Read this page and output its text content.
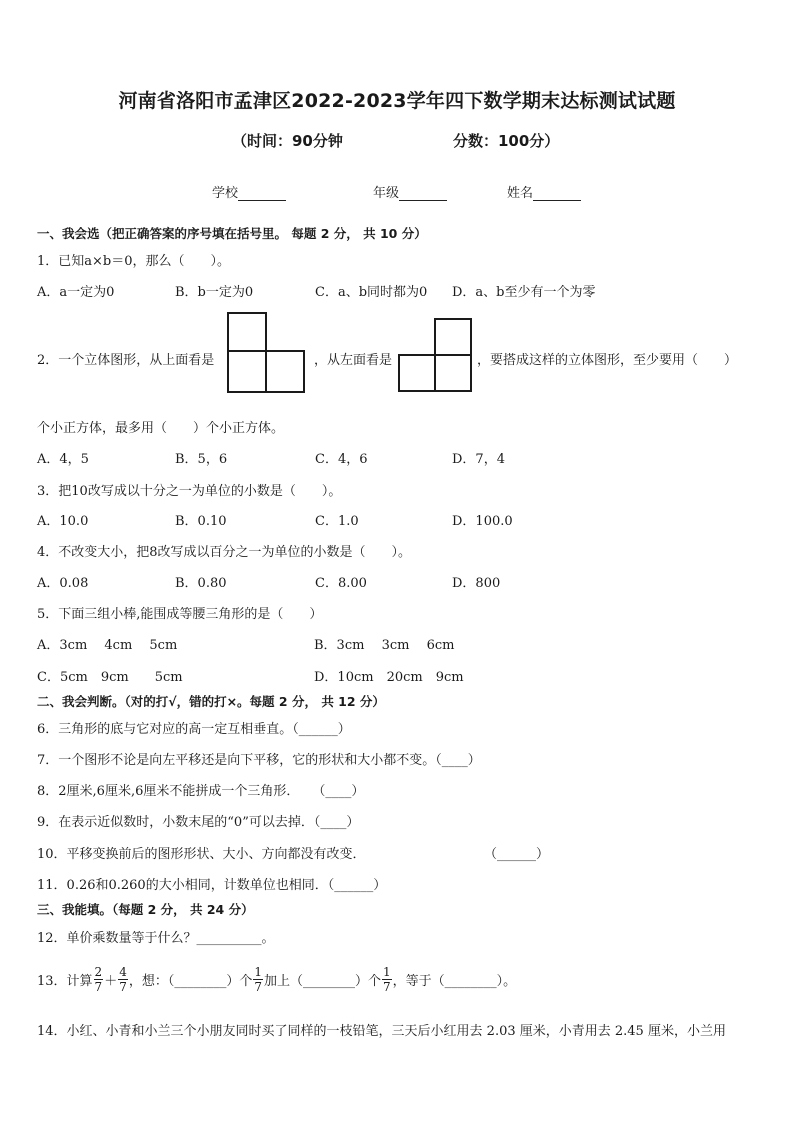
河南省洛阳市孟津区2022-2023学年四下数学期末达标测试试题
（时间：90分钟	分数：100分）
学校	年级	姓名
一、我会选（把正确答案的序号填在括号里。 每题 2 分， 共 10 分）
1．已知a×b＝0，那么（　　）。
A．a一定为0	B．b一定为0	C．a、b同时都为0 D．a、b至少有一个为零
2．一个立体图形，从上面看是	，从左面看是	，要搭成这样的立体图形，至少要用（　　）
个小正方体，最多用（　　）个小正方体。
A．4，5	B．5，6	C．4，6	D．7，4
3．把10改写成以十分之一为单位的小数是（　　）。
A．10.0	B．0.10	C．1.0	D．100.0
4．不改变大小，把8改写成以百分之一为单位的小数是（　　）。
A．0.08	B．0.80	C．8.00	D．800
5．下面三组小棒,能围成等腰三角形的是（　　）
A．3cm　 4cm　 5cm	B．3cm　 3cm　 6cm
C．5cm　9cm　　5cm	D．10cm　20cm　9cm
二、我会判断。（对的打√，错的打×。每题 2 分， 共 12 分）
6．三角形的底与它对应的高一定互相垂直。（______）
7．一个图形不论是向左平移还是向下平移，它的形状和大小都不变。（____）
8．2厘米,6厘米,6厘米不能拼成一个三角形．　　（____）
9．在表示近似数时，小数末尾的“0”可以去掉．（____）
10．平移变换前后的图形形状、大小、方向都没有改变．	（______）
11．0.26和0.260的大小相同，计数单位也相同．（______）
三、我能填。（每题 2 分， 共 24 分）
12．单价乘数量等于什么？__________。
13．计算
2
7 ＋
4
7 ，想：（________）个
1
7 加上（________）个
1
7 ，等于（________）。
14．小红、小青和小兰三个小朋友同时买了同样的一枝铅笔，三天后小红用去 2.03 厘米，小青用去 2.45 厘米，小兰用
